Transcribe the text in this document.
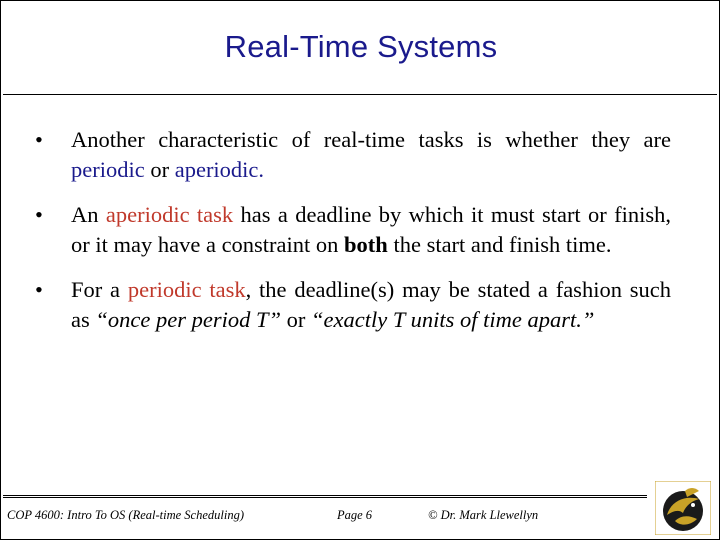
Real-Time Systems
• Another characteristic of real-time tasks is whether they are periodic or aperiodic.
• An aperiodic task has a deadline by which it must start or finish, or it may have a constraint on both the start and finish time.
• For a periodic task, the deadline(s) may be stated a fashion such as “once per period T” or “exactly T units of time apart.”
COP 4600: Intro To OS (Real-time Scheduling)	Page 6	© Dr. Mark Llewellyn
